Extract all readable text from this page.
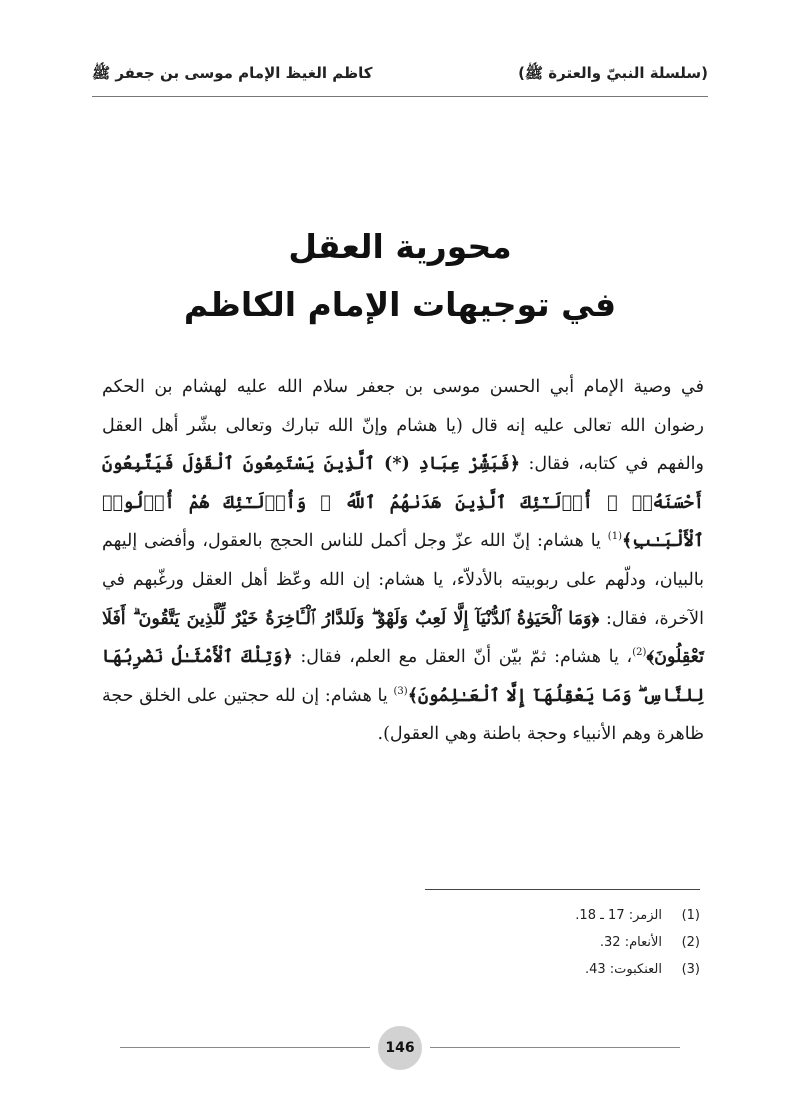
(سلسلة النبيّ والعترة ﷺ)
كاظم الغيظ الإمام موسى بن جعفر ﷺ
محورية العقل
في توجيهات الإمام الكاظم
في وصية الإمام أبي الحسن موسى بن جعفر سلام الله عليه لهشام بن الحكم رضوان الله تعالى عليه إنه قال (يا هشام وإنّ الله تبارك وتعالى بشّر أهل العقل والفهم في كتابه، فقال: ﴿فَبَشِّرْ عِبَادِ (*) ٱلَّذِينَ يَسْتَمِعُونَ ٱلْقَوْلَ فَيَتَّبِعُونَ أَحْسَنَهُۥٓ ۚ أُو۟لَـٰٓئِكَ ٱلَّذِينَ هَدَىٰهُمُ ٱللَّهُ ۖ وَأُو۟لَـٰٓئِكَ هُمْ أُو۟لُوا۟ ٱلْأَلْبَـٰبِ﴾$^{(1)}$ يا هشام: إنّ الله عزّ وجل أكمل للناس الحجج بالعقول، وأفضى إليهم بالبيان، ودلّهم على ربوبيته بالأدلاّء، يا هشام: إن الله وعّظ أهل العقل ورغّبهم في الآخرة، فقال: ﴿وَمَا ٱلْحَيَوٰةُ ٱلدُّنْيَآ إِلَّا لَعِبٌ وَلَهْوٌ ۖ وَلَلدَّارُ ٱلْـَٔاخِرَةُ خَيْرٌ لِّلَّذِينَ يَتَّقُونَ ۗ أَفَلَا تَعْقِلُونَ﴾$^{(2)}$، يا هشام: ثمّ بيّن أنّ العقل مع العلم، فقال: ﴿وَتِلْكَ ٱلْأَمْثَـٰلُ نَضْرِبُهَا لِلنَّاسِ ۖ وَمَا يَعْقِلُهَآ إِلَّا ٱلْعَـٰلِمُونَ﴾$^{(3)}$ يا هشام: إن لله حجتين على الخلق حجة ظاهرة وهم الأنبياء وحجة باطنة وهي العقول).
(1)
الزمر: 17 ـ 18.
(2)
الأنعام: 32.
(3)
العنكبوت: 43.
146
